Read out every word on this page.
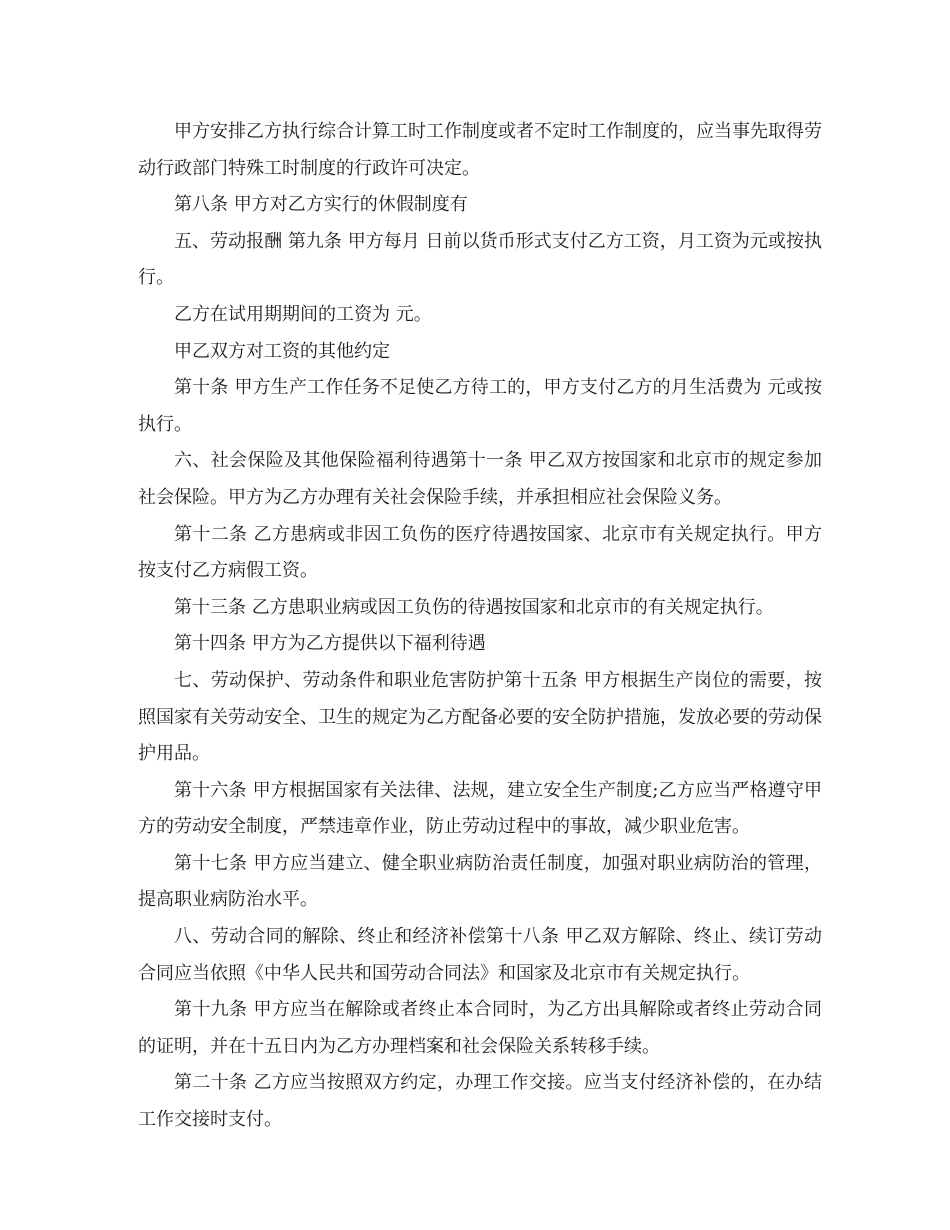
甲方安排乙方执行综合计算工时工作制度或者不定时工作制度的，应当事先取得劳动行政部门特殊工时制度的行政许可决定。

第八条 甲方对乙方实行的休假制度有

五、劳动报酬 第九条 甲方每月 日前以货币形式支付乙方工资，月工资为元或按执行。

乙方在试用期期间的工资为 元。

甲乙双方对工资的其他约定

第十条 甲方生产工作任务不足使乙方待工的，甲方支付乙方的月生活费为 元或按执行。

六、社会保险及其他保险福利待遇第十一条 甲乙双方按国家和北京市的规定参加社会保险。甲方为乙方办理有关社会保险手续，并承担相应社会保险义务。

第十二条 乙方患病或非因工负伤的医疗待遇按国家、北京市有关规定执行。甲方按支付乙方病假工资。

第十三条 乙方患职业病或因工负伤的待遇按国家和北京市的有关规定执行。

第十四条 甲方为乙方提供以下福利待遇

七、劳动保护、劳动条件和职业危害防护第十五条 甲方根据生产岗位的需要，按照国家有关劳动安全、卫生的规定为乙方配备必要的安全防护措施，发放必要的劳动保护用品。

第十六条 甲方根据国家有关法律、法规，建立安全生产制度;乙方应当严格遵守甲方的劳动安全制度，严禁违章作业，防止劳动过程中的事故，减少职业危害。

第十七条 甲方应当建立、健全职业病防治责任制度，加强对职业病防治的管理，提高职业病防治水平。

八、劳动合同的解除、终止和经济补偿第十八条 甲乙双方解除、终止、续订劳动合同应当依照《中华人民共和国劳动合同法》和国家及北京市有关规定执行。

第十九条 甲方应当在解除或者终止本合同时，为乙方出具解除或者终止劳动合同的证明，并在十五日内为乙方办理档案和社会保险关系转移手续。

第二十条 乙方应当按照双方约定，办理工作交接。应当支付经济补偿的，在办结工作交接时支付。
